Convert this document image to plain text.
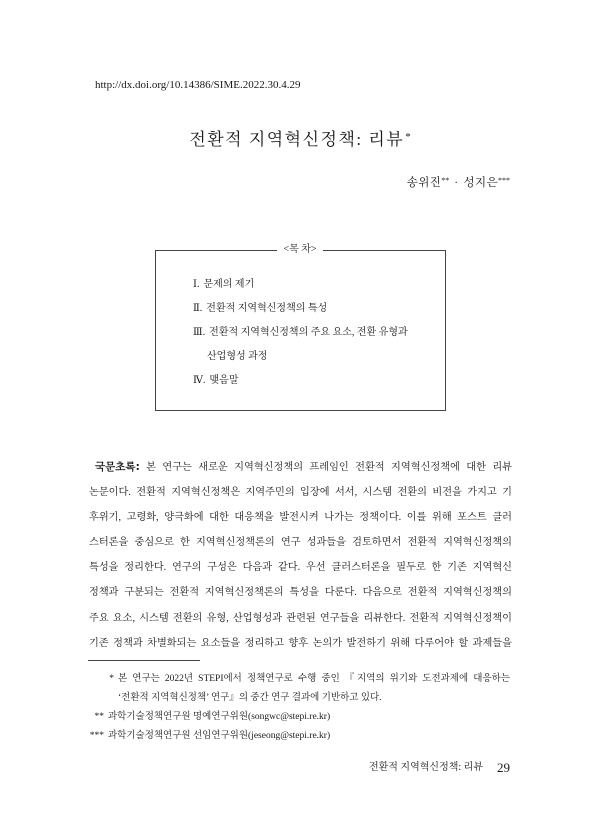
http://dx.doi.org/10.14386/SIME.2022.30.4.29
전환적 지역혁신정책: 리뷰*
송위진** · 성지은***
<목 차>
Ⅰ. 문제의 제기
Ⅱ. 전환적 지역혁신정책의 특성
Ⅲ. 전환적 지역혁신정책의 주요 요소, 전환 유형과
산업형성 과정
Ⅳ. 맺음말
국문초록: 본 연구는 새로운 지역혁신정책의 프레임인 전환적 지역혁신정책에 대한 리뷰
논문이다. 전환적 지역혁신정책은 지역주민의 입장에 서서, 시스템 전환의 비전을 가지고 기
후위기, 고령화, 양극화에 대한 대응책을 발전시켜 나가는 정책이다. 이를 위해 포스트 클러
스터론을 중심으로 한 지역혁신정책론의 연구 성과들을 검토하면서 전환적 지역혁신정책의
특성을 정리한다. 연구의 구성은 다음과 같다. 우선 클러스터론을 필두로 한 기존 지역혁신
정책과 구분되는 전환적 지역혁신정책론의 특성을 다룬다. 다음으로 전환적 지역혁신정책의
주요 요소, 시스템 전환의 유형, 산업형성과 관련된 연구들을 리뷰한다. 전환적 지역혁신정책이
기존 정책과 차별화되는 요소들을 정리하고 향후 논의가 발전하기 위해 다루어야 할 과제들을
* 본 연구는 2022년 STEPI에서 정책연구로 수행 중인 『지역의 위기와 도전과제에 대응하는
‘전환적 지역혁신정책’ 연구』의 중간 연구 결과에 기반하고 있다.
** 과학기술정책연구원 명예연구위원(songwc@stepi.re.kr)
*** 과학기술정책연구원 선임연구위원(jeseong@stepi.re.kr)
전환적 지역혁신정책: 리뷰 29
